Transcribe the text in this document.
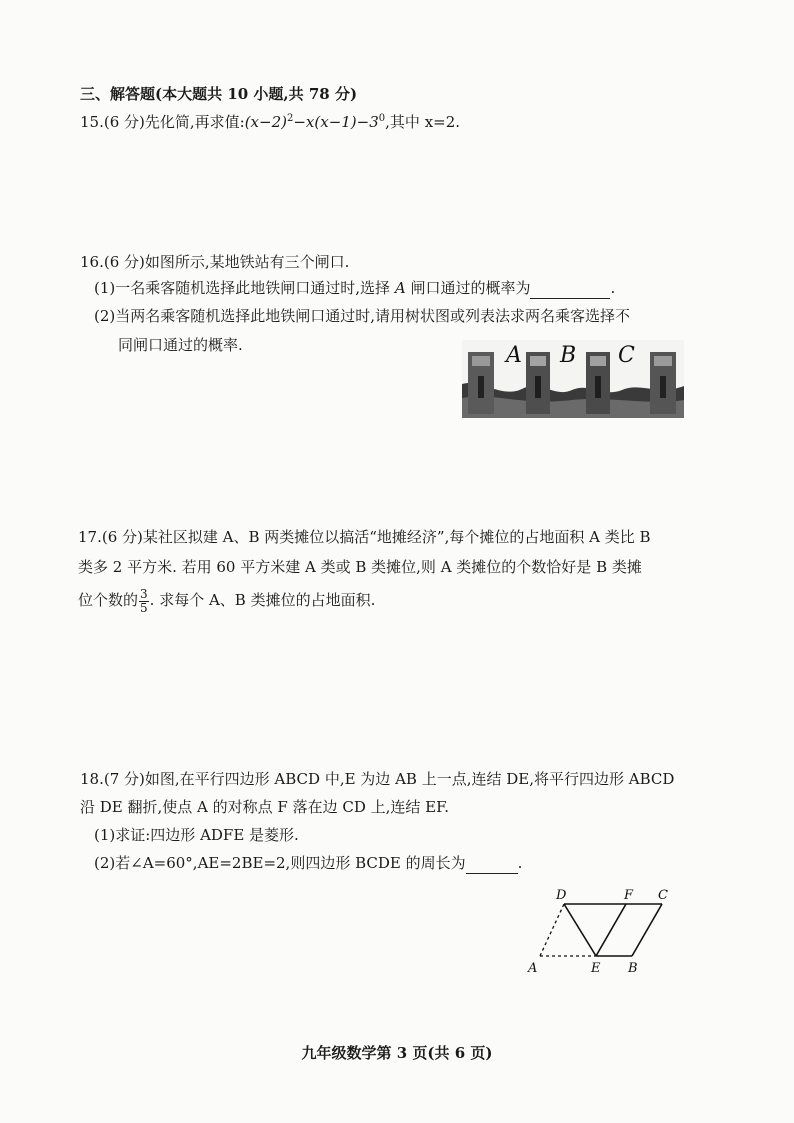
三、解答题(本大题共 10 小题,共 78 分)
15.(6 分)先化简,再求值$:(x-2)^2-x(x-1)-3^0$,其中 x=2.
16.(6 分)如图所示,某地铁站有三个闸口.
(1)一名乘客随机选择此地铁闸口通过时,选择 A 闸口通过的概率为	.
(2)当两名乘客随机选择此地铁闸口通过时,请用树状图或列表法求两名乘客选择不
同闸口通过的概率.	A B C
17.(6 分)某社区拟建 A、B 两类摊位以搞活“地摊经济”,每个摊位的占地面积 A 类比 B
类多 2 平方米. 若用 60 平方米建 A 类或 B 类摊位,则 A 类摊位的个数恰好是 B 类摊
位个数的 $\frac{3}{5}$ . 求每个 A、B 类摊位的占地面积.
18.(7 分)如图,在平行四边形 ABCD 中,E 为边 AB 上一点,连结 DE,将平行四边形 ABCD
沿 DE 翻折,使点 A 的对称点 F 落在边 CD 上,连结 EF.
(1)求证:四边形 ADFE 是菱形.
(2)若∠A=60°,AE=2BE=2,则四边形 BCDE 的周长为	.
D	F C
A	E B
九年级数学第 3 页(共 6 页)
